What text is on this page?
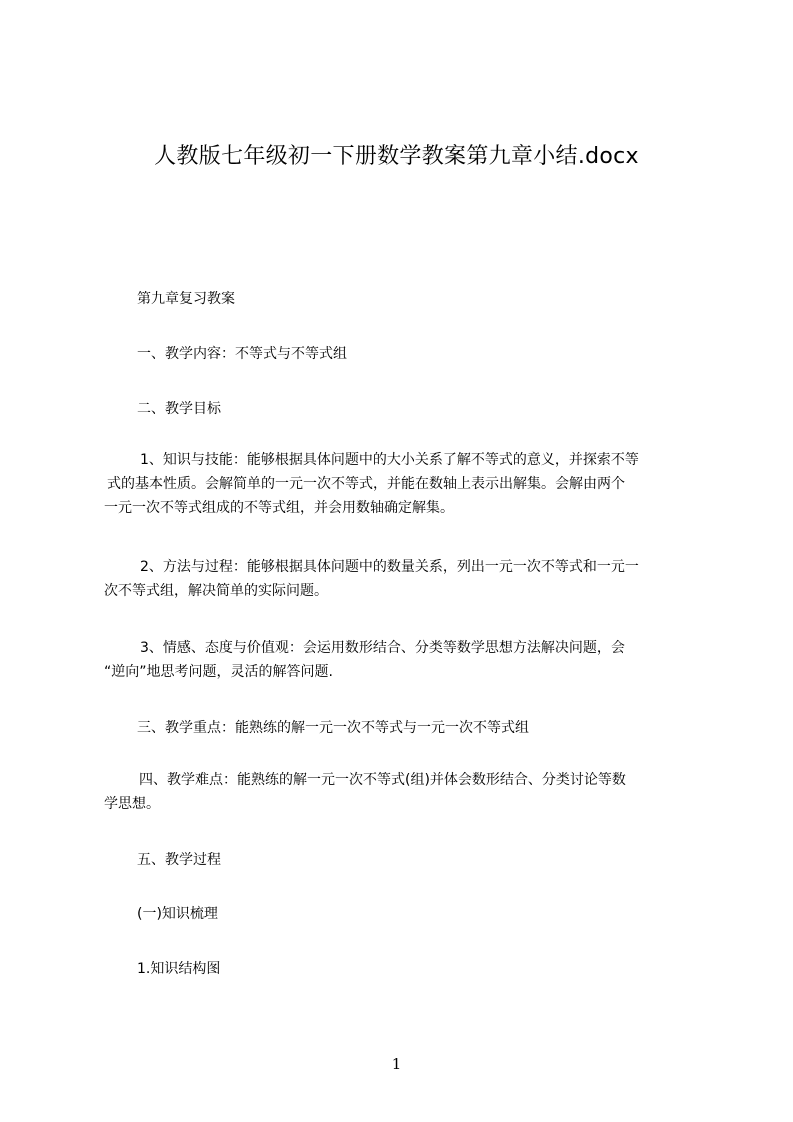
人教版七年级初一下册数学教案第九章小结.docx
第九章复习教案
一、教学内容：不等式与不等式组
二、教学目标
1、知识与技能：能够根据具体问题中的大小关系了解不等式的意义，并探索不等
式的基本性质。会解简单的一元一次不等式，并能在数轴上表示出解集。会解由两个
一元一次不等式组成的不等式组，并会用数轴确定解集。
2、方法与过程：能够根据具体问题中的数量关系，列出一元一次不等式和一元一
次不等式组，解决简单的实际问题。
3、情感、态度与价值观：会运用数形结合、分类等数学思想方法解决问题，会
“逆向”地思考问题，灵活的解答问题.
三、教学重点：能熟练的解一元一次不等式与一元一次不等式组
四、教学难点：能熟练的解一元一次不等式(组)并体会数形结合、分类讨论等数
学思想。
五、教学过程
(一)知识梳理
1.知识结构图
1
